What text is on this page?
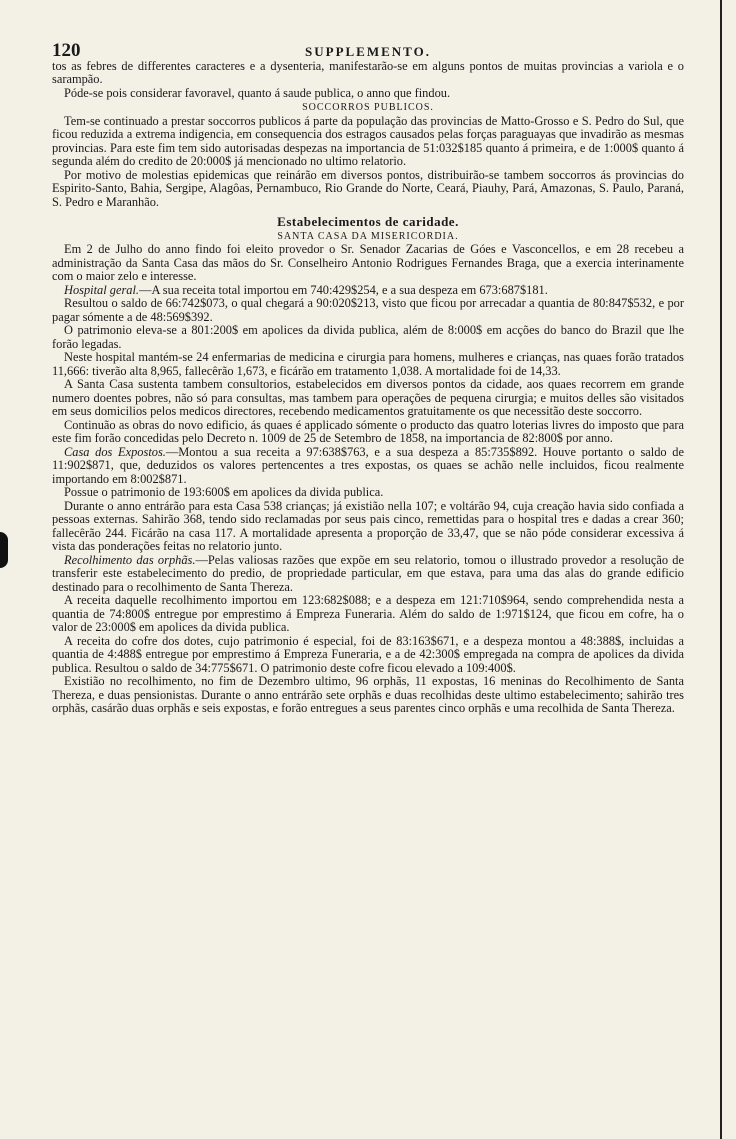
120	SUPPLEMENTO.

tos as febres de differentes caracteres e a dysenteria, manifestarão-se em alguns pontos de muitas provincias a variola e o sarampão.

Póde-se pois considerar favoravel, quanto á saude publica, o anno que findou.

SOCCORROS PUBLICOS.

Tem-se continuado a prestar soccorros publicos á parte da população das provincias de Matto-Grosso e S. Pedro do Sul, que ficou reduzida a extrema indigencia, em consequencia dos estragos causados pelas forças paraguayas que invadirão as mesmas provincias. Para este fim tem sido autorisadas despezas na importancia de 51:032$185 quanto á primeira, e de 1:000$ quanto á segunda além do credito de 20:000$ já mencionado no ultimo relatorio.

Por motivo de molestias epidemicas que reinárão em diversos pontos, distribuirão-se tambem soccorros ás provincias do Espirito-Santo, Bahia, Sergipe, Alagôas, Pernambuco, Rio Grande do Norte, Ceará, Piauhy, Pará, Amazonas, S. Paulo, Paraná, S. Pedro e Maranhão.

Estabelecimentos de caridade.
SANTA CASA DA MISERICORDIA.

Em 2 de Julho do anno findo foi eleito provedor o Sr. Senador Zacarias de Góes e Vasconcellos, e em 28 recebeu a administração da Santa Casa das mãos do Sr. Conselheiro Antonio Rodrigues Fernandes Braga, que a exercia interinamente com o maior zelo e interesse.

Hospital geral.—A sua receita total importou em 740:429$254, e a sua despeza em 673:687$181.

Resultou o saldo de 66:742$073, o qual chegará a 90:020$213, visto que ficou por arrecadar a quantia de 80:847$532, e por pagar sómente a de 48:569$392.

O patrimonio eleva-se a 801:200$ em apolices da divida publica, além de 8:000$ em acções do banco do Brazil que lhe forão legadas.

Neste hospital mantém-se 24 enfermarias de medicina e cirurgia para homens, mulheres e crianças, nas quaes forão tratados 11,666: tiverão alta 8,965, fallecêrão 1,673, e ficárão em tratamento 1,038. A mortalidade foi de 14,33.

A Santa Casa sustenta tambem consultorios, estabelecidos em diversos pontos da cidade, aos quaes recorrem em grande numero doentes pobres, não só para consultas, mas tambem para operações de pequena cirurgia; e muitos delles são visitados em seus domicilios pelos medicos directores, recebendo medicamentos gratuitamente os que necessitão deste soccorro.

Continuão as obras do novo edificio, ás quaes é applicado sómente o producto das quatro loterias livres do imposto que para este fim forão concedidas pelo Decreto n. 1009 de 25 de Setembro de 1858, na importancia de 82:800$ por anno.

Casa dos Expostos.—Montou a sua receita a 97:638$763, e a sua despeza a 85:735$892. Houve portanto o saldo de 11:902$871, que, deduzidos os valores pertencentes a tres expostas, os quaes se achão nelle incluidos, ficou realmente importando em 8:002$871.

Possue o patrimonio de 193:600$ em apolices da divida publica.

Durante o anno entrárão para esta Casa 538 crianças; já existião nella 107; e voltárão 94, cuja creação havia sido confiada a pessoas externas. Sahirão 368, tendo sido reclamadas por seus pais cinco, remettidas para o hospital tres e dadas a crear 360; fallecêrão 244. Ficárão na casa 117. A mortalidade apresenta a proporção de 33,47, que se não póde considerar excessiva á vista das ponderações feitas no relatorio junto.

Recolhimento das orphãs.—Pelas valiosas razões que expõe em seu relatorio, tomou o illustrado provedor a resolução de transferir este estabelecimento do predio, de propriedade particular, em que estava, para uma das alas do grande edificio destinado para o recolhimento de Santa Thereza.

A receita daquelle recolhimento importou em 123:682$088; e a despeza em 121:710$964, sendo comprehendida nesta a quantia de 74:800$ entregue por emprestimo á Empreza Funeraria. Além do saldo de 1:971$124, que ficou em cofre, ha o valor de 23:000$ em apolices da divida publica.

A receita do cofre dos dotes, cujo patrimonio é especial, foi de 83:163$671, e a despeza montou a 48:388$, incluidas a quantia de 4:488$ entregue por emprestimo á Empreza Funeraria, e a de 42:300$ empregada na compra de apolices da divida publica. Resultou o saldo de 34:775$671. O patrimonio deste cofre ficou elevado a 109:400$.

Existião no recolhimento, no fim de Dezembro ultimo, 96 orphãs, 11 expostas, 16 meninas do Recolhimento de Santa Thereza, e duas pensionistas. Durante o anno entrárão sete orphãs e duas recolhidas deste ultimo estabelecimento; sahirão tres orphãs, casárão duas orphãs e seis expostas, e forão entregues a seus parentes cinco orphãs e uma recolhida de Santa Thereza.
